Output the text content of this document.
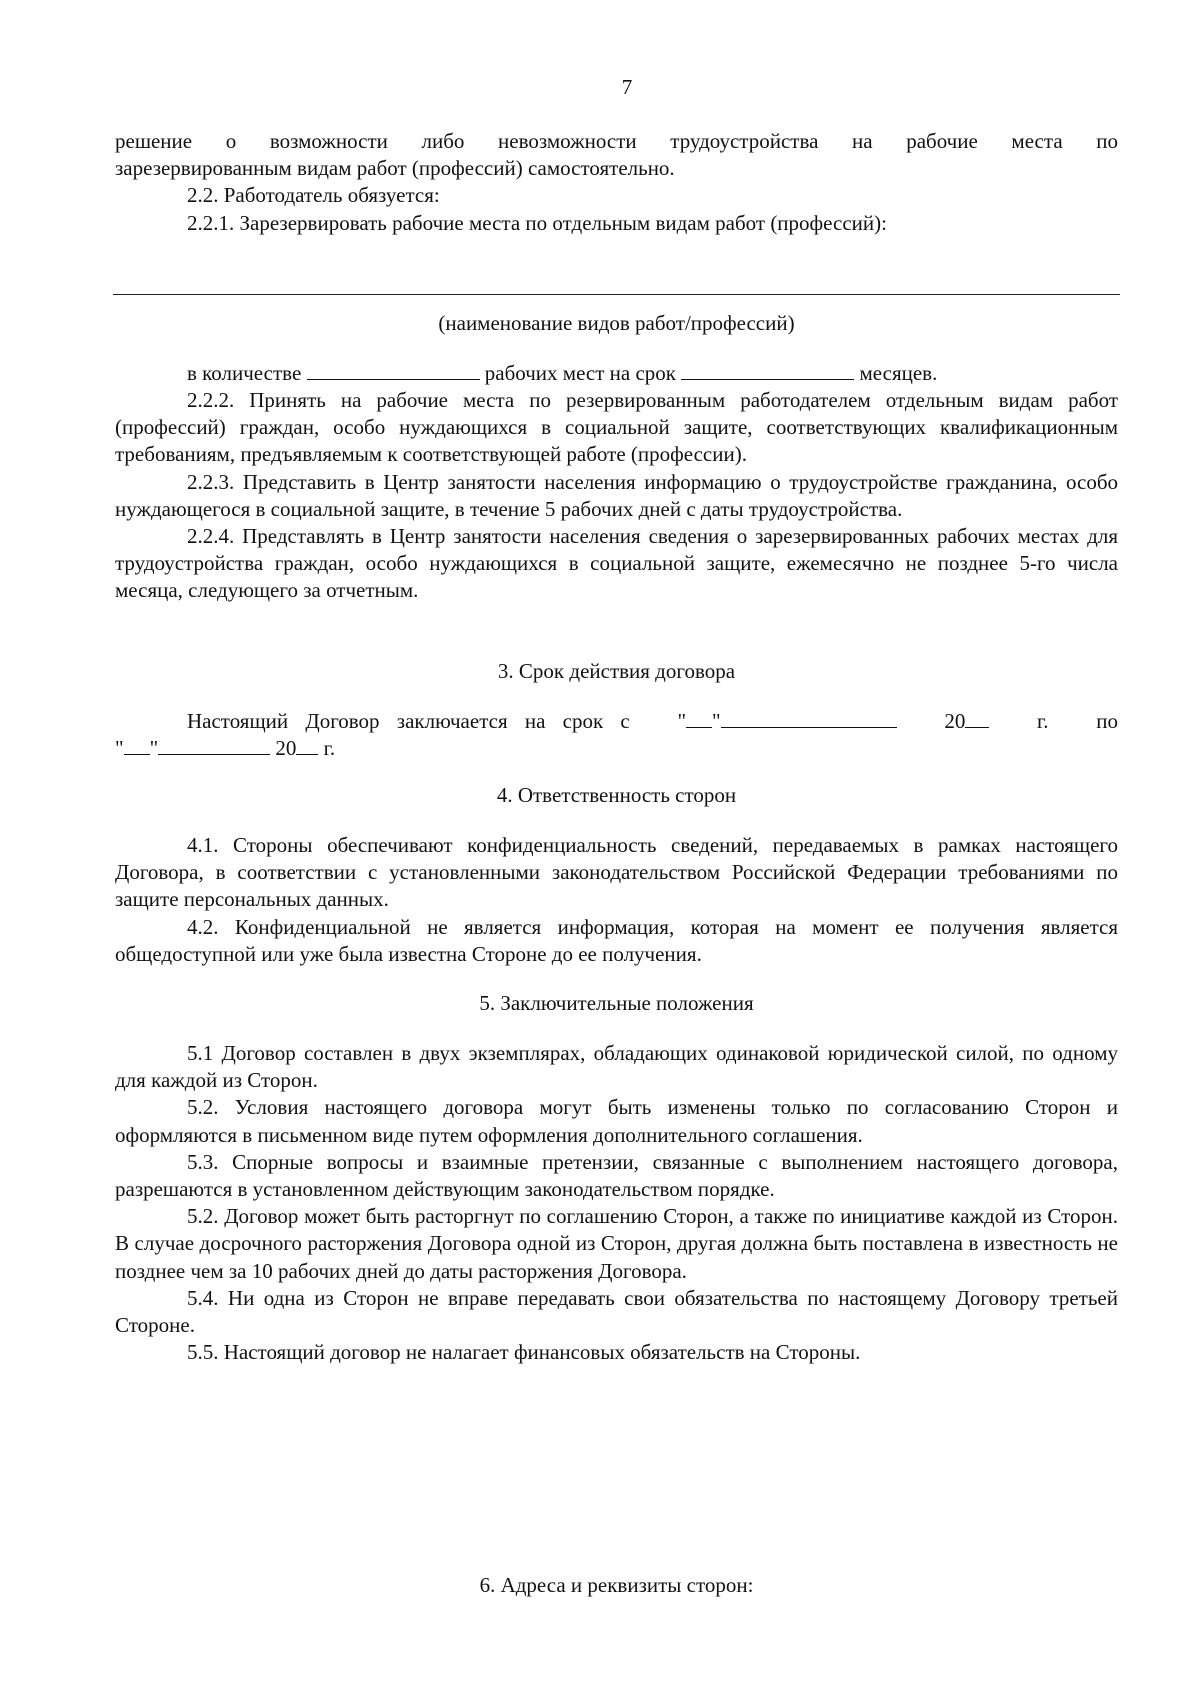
7

решение о возможности либо невозможности трудоустройства на рабочие места по

зарезервированным видам работ (профессий) самостоятельно.

2.2. Работодатель обязуется:

2.2.1. Зарезервировать рабочие места по отдельным видам работ (профессий):

(наименование видов работ/профессий)

в количестве	рабочих мест на срок	месяцев.

2.2.2. Принять на рабочие места по резервированным работодателем отдельным видам работ (профессий) граждан, особо нуждающихся в социальной защите, соответствующих квалификационным требованиям, предъявляемым к соответствующей работе (профессии).

2.2.3. Представить в Центр занятости населения информацию о трудоустройстве гражданина, особо нуждающегося в социальной защите, в течение 5 рабочих дней с даты трудоустройства.

2.2.4. Представлять в Центр занятости населения сведения о зарезервированных рабочих местах для трудоустройства граждан, особо нуждающихся в социальной защите, ежемесячно не позднее 5-го числа месяца, следующего за отчетным.

3. Срок действия договора

Настоящий Договор заключается на срок с " "	20	г. по
" "	20 г.

4. Ответственность сторон

4.1. Стороны обеспечивают конфиденциальность сведений, передаваемых в рамках настоящего Договора, в соответствии с установленными законодательством Российской Федерации требованиями по защите персональных данных.

4.2. Конфиденциальной не является информация, которая на момент ее получения является общедоступной или уже была известна Стороне до ее получения.

5. Заключительные положения

5.1 Договор составлен в двух экземплярах, обладающих одинаковой юридической силой, по одному для каждой из Сторон.

5.2. Условия настоящего договора могут быть изменены только по согласованию Сторон и оформляются в письменном виде путем оформления дополнительного соглашения.

5.3. Спорные вопросы и взаимные претензии, связанные с выполнением настоящего договора, разрешаются в установленном действующим законодательством порядке.

5.2. Договор может быть расторгнут по соглашению Сторон, а также по инициативе каждой из Сторон. В случае досрочного расторжения Договора одной из Сторон, другая должна быть поставлена в известность не позднее чем за 10 рабочих дней до даты расторжения Договора.

5.4. Ни одна из Сторон не вправе передавать свои обязательства по настоящему Договору третьей Стороне.

5.5. Настоящий договор не налагает финансовых обязательств на Стороны.

6. Адреса и реквизиты сторон:
